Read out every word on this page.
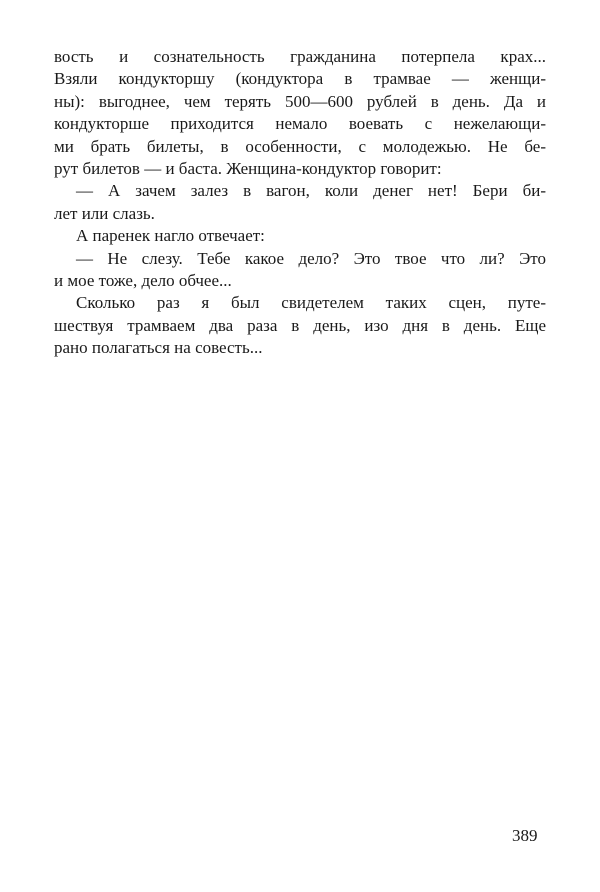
вость и сознательность гражданина потерпела крах...
Взяли кондукторшу (кондуктора в трамвае — женщи-
ны): выгоднее, чем терять 500—600 рублей в день. Да и
кондукторше приходится немало воевать с нежелающи-
ми брать билеты, в особенности, с молодежью. Не бе-
рут билетов — и баста. Женщина-кондуктор говорит:
— А зачем залез в вагон, коли денег нет! Бери би-
лет или слазь.
А паренек нагло отвечает:
— Не слезу. Тебе какое дело? Это твое что ли? Это
и мое тоже, дело обчее...
Сколько раз я был свидетелем таких сцен, путе-
шествуя трамваем два раза в день, изо дня в день. Еще
рано полагаться на совесть...
389
